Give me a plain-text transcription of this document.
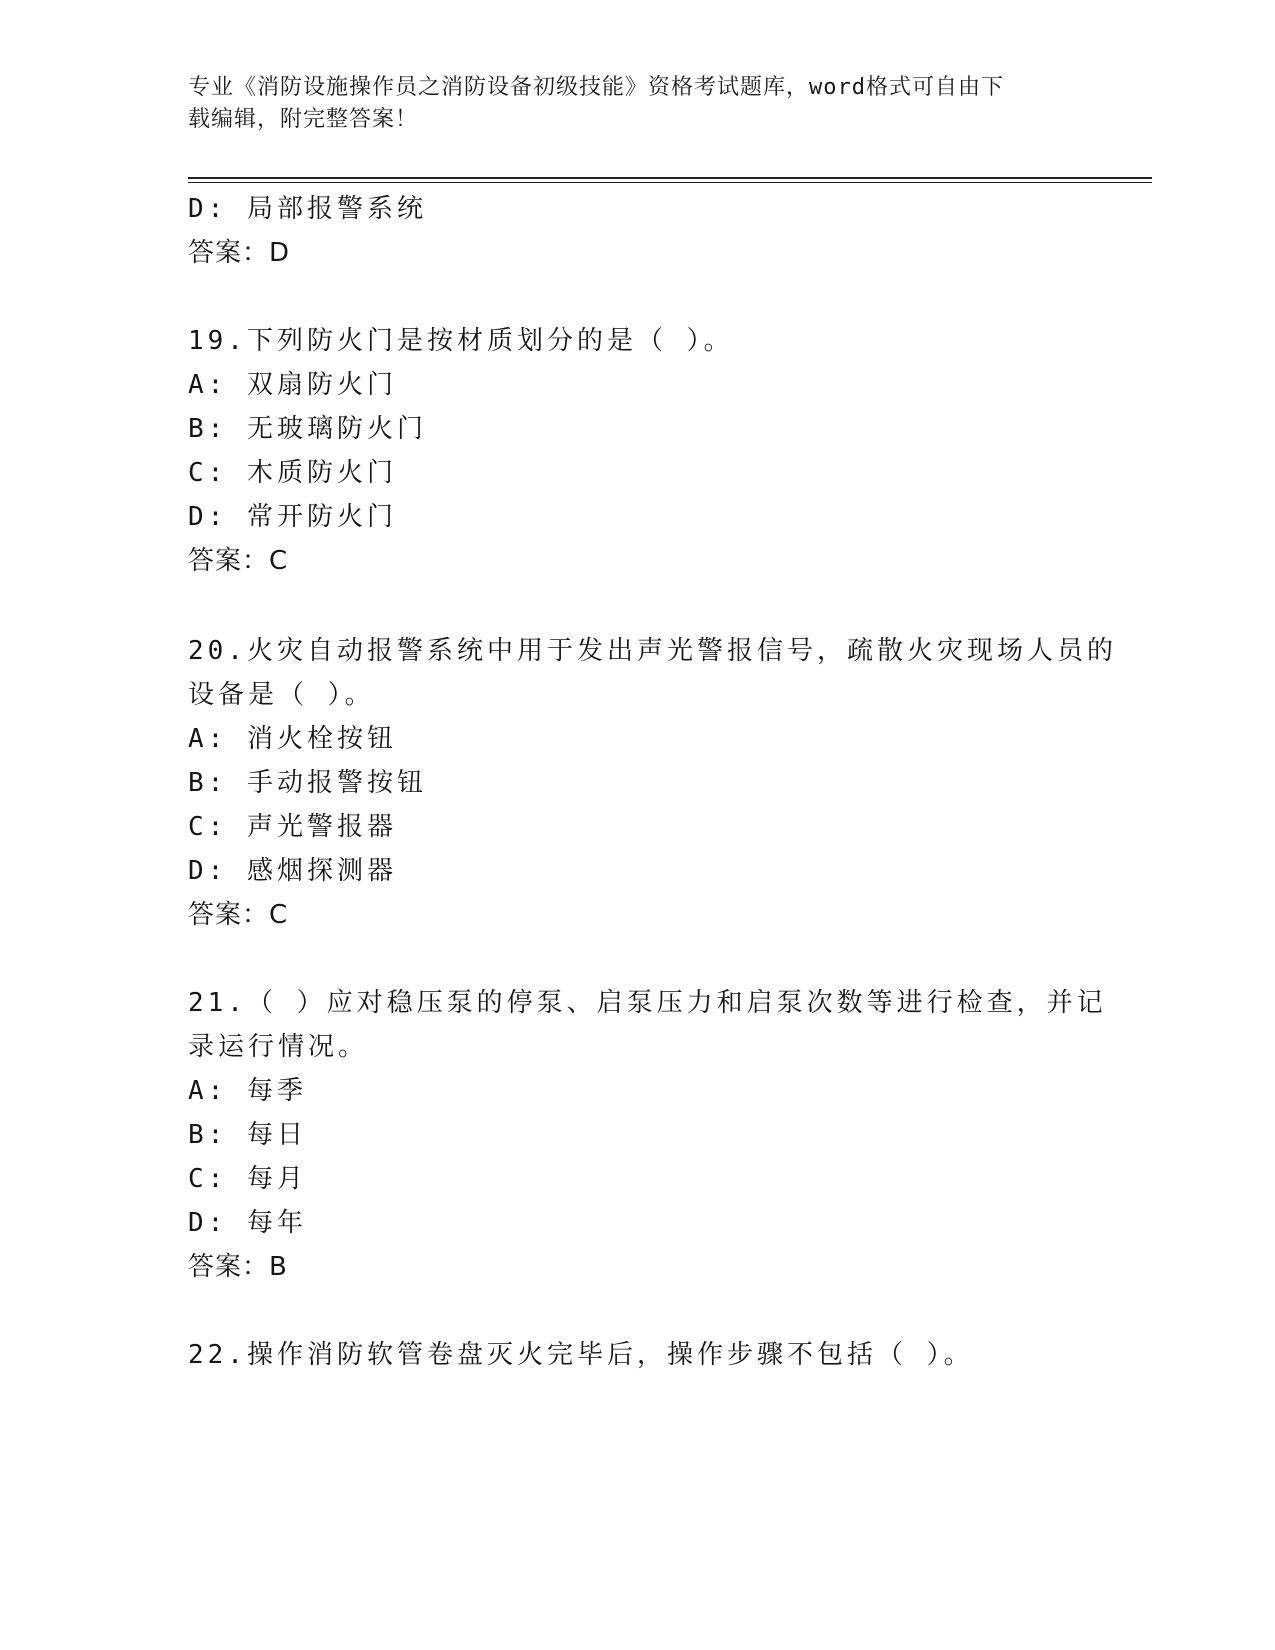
专业《消防设施操作员之消防设备初级技能》资格考试题库，word格式可自由下
载编辑，附完整答案！
D: 局部报警系统
答案：D
19.下列防火门是按材质划分的是（ ）。
A: 双扇防火门
B: 无玻璃防火门
C: 木质防火门
D: 常开防火门
答案：C
20.火灾自动报警系统中用于发出声光警报信号，疏散火灾现场人员的
设备是（ ）。
A: 消火栓按钮
B: 手动报警按钮
C: 声光警报器
D: 感烟探测器
答案：C
21.（ ）应对稳压泵的停泵、启泵压力和启泵次数等进行检查，并记
录运行情况。
A: 每季
B: 每日
C: 每月
D: 每年
答案：B
22.操作消防软管卷盘灭火完毕后，操作步骤不包括（ ）。
